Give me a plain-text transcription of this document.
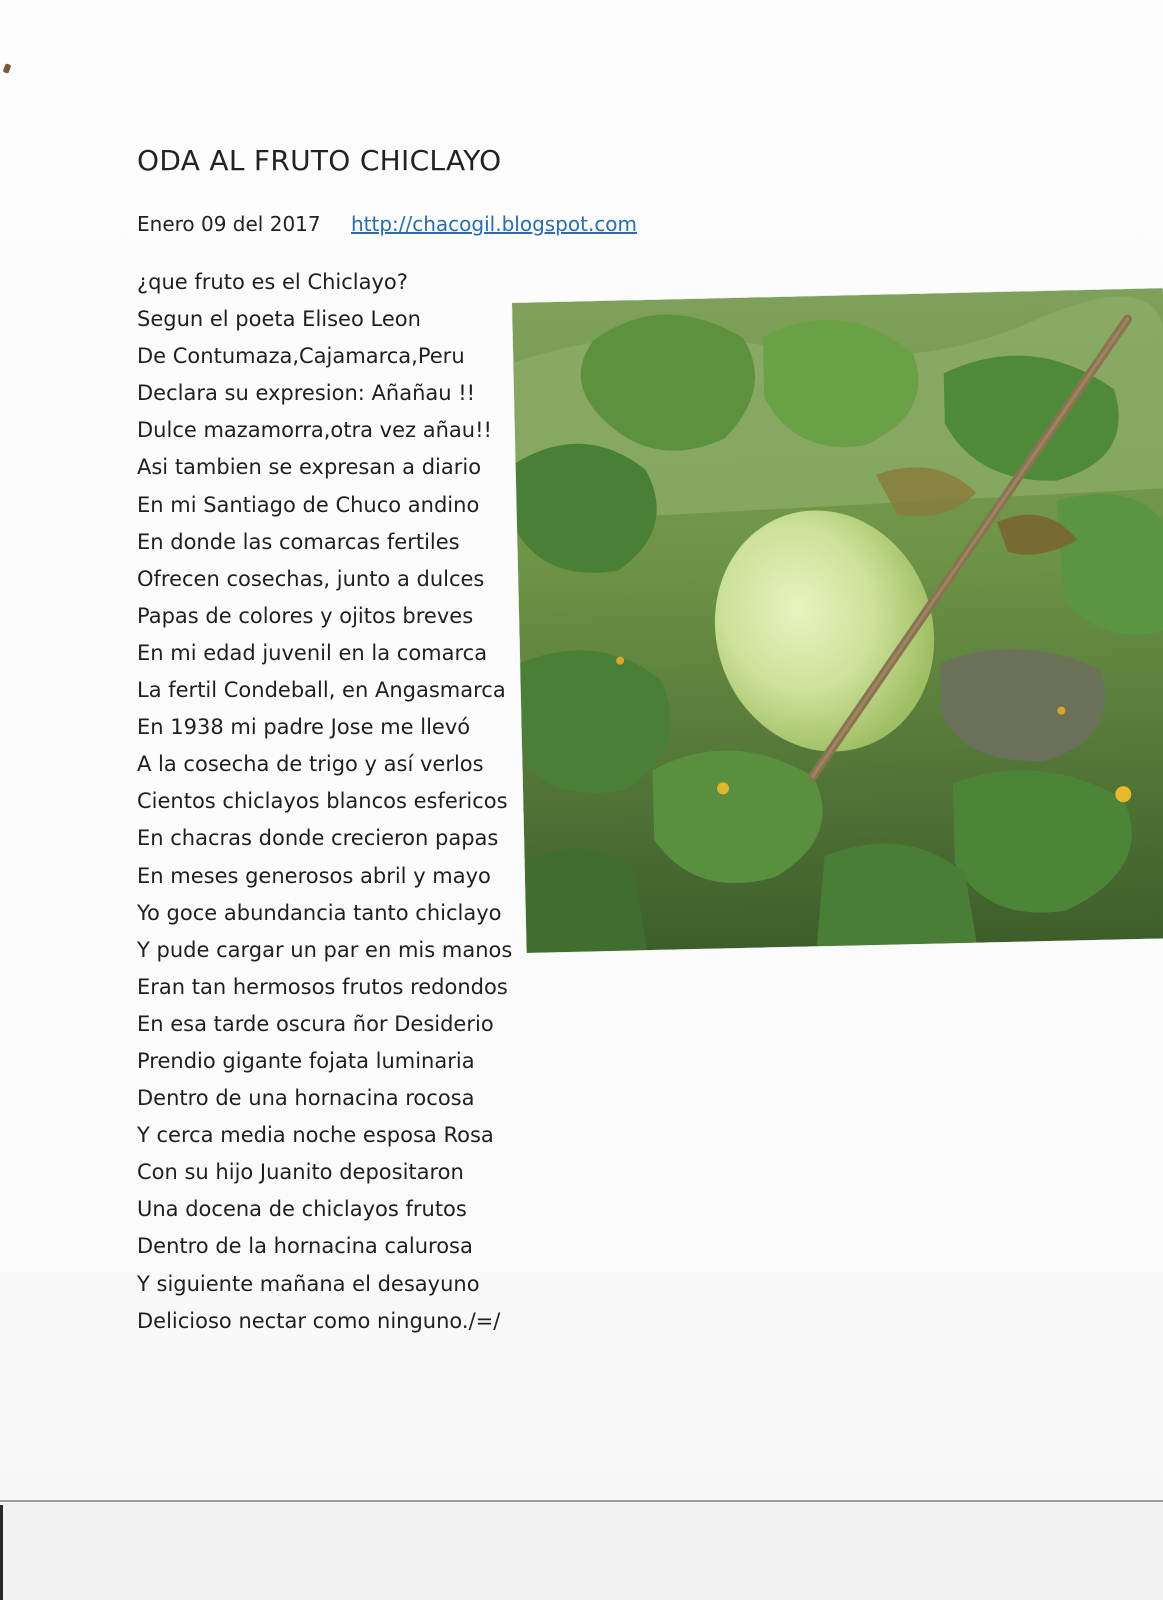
ODA AL FRUTO CHICLAYO
Enero 09 del 2017 http://chacogil.blogspot.com
¿que fruto es el Chiclayo?
Segun el poeta Eliseo Leon
De Contumaza,Cajamarca,Peru
Declara su expresion: Añañau !!
Dulce mazamorra,otra vez añau!!
Asi tambien se expresan a diario
En mi Santiago de Chuco andino
En donde las comarcas fertiles
Ofrecen cosechas, junto a dulces
Papas de colores y ojitos breves
En mi edad juvenil en la comarca
La fertil Condeball, en Angasmarca
En 1938 mi padre Jose me llevó
A la cosecha de trigo y así verlos
Cientos chiclayos blancos esfericos
En chacras donde crecieron papas
En meses generosos abril y mayo
Yo goce abundancia tanto chiclayo
Y pude cargar un par en mis manos
Eran tan hermosos frutos redondos
En esa tarde oscura ñor Desiderio
Prendio gigante fojata luminaria
Dentro de una hornacina rocosa
Y cerca media noche esposa Rosa
Con su hijo Juanito depositaron
Una docena de chiclayos frutos
Dentro de la hornacina calurosa
Y siguiente mañana el desayuno
Delicioso nectar como ninguno./=/
